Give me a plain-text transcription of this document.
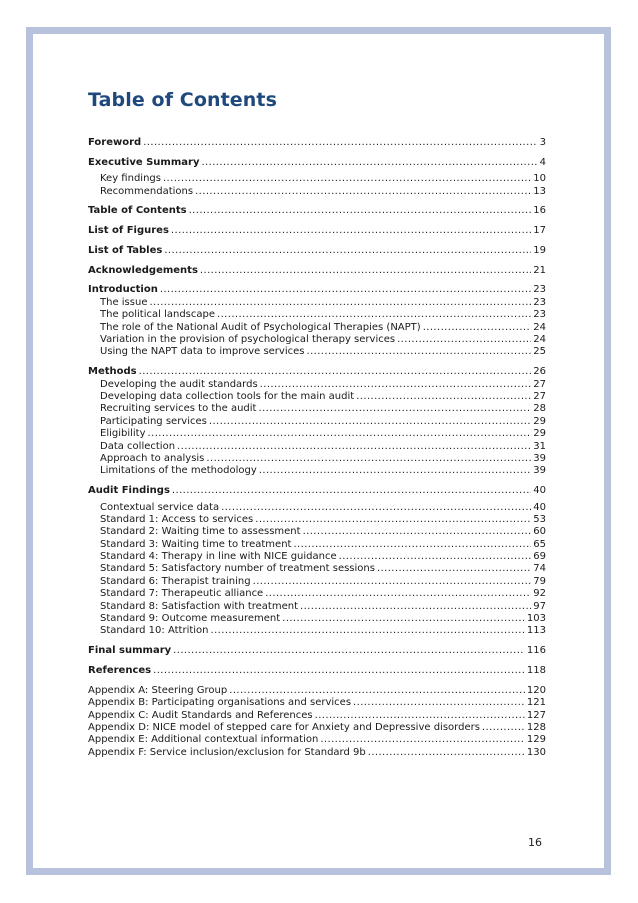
Table of Contents
Foreword .....	3
Executive Summary .....	4
Key findings .....	10
Recommendations .....	13
Table of Contents .....	16
List of Figures .....	17
List of Tables .....	19
Acknowledgements .....	21
Introduction .....	23
The issue .....	23
The political landscape .....	23
The role of the National Audit of Psychological Therapies (NAPT) .....	24
Variation in the provision of psychological therapy services .....	24
Using the NAPT data to improve services .....	25
Methods .....	26
Developing the audit standards .....	27
Developing data collection tools for the main audit .....	27
Recruiting services to the audit .....	28
Participating services .....	29
Eligibility .....	29
Data collection .....	31
Approach to analysis .....	39
Limitations of the methodology .....	39
Audit Findings .....	40
Contextual service data .....	40
Standard 1: Access to services .....	53
Standard 2: Waiting time to assessment .....	60
Standard 3: Waiting time to treatment .....	65
Standard 4: Therapy in line with NICE guidance .....	69
Standard 5: Satisfactory number of treatment sessions .....	74
Standard 6: Therapist training .....	79
Standard 7: Therapeutic alliance .....	92
Standard 8: Satisfaction with treatment .....	97
Standard 9: Outcome measurement .....	103
Standard 10: Attrition .....	113
Final summary .....	116
References .....	118
Appendix A: Steering Group .....	120
Appendix B: Participating organisations and services .....	121
Appendix C: Audit Standards and References .....	127
Appendix D: NICE model of stepped care for Anxiety and Depressive disorders .....	128
Appendix E: Additional contextual information .....	129
Appendix F: Service inclusion/exclusion for Standard 9b .....	130
16
